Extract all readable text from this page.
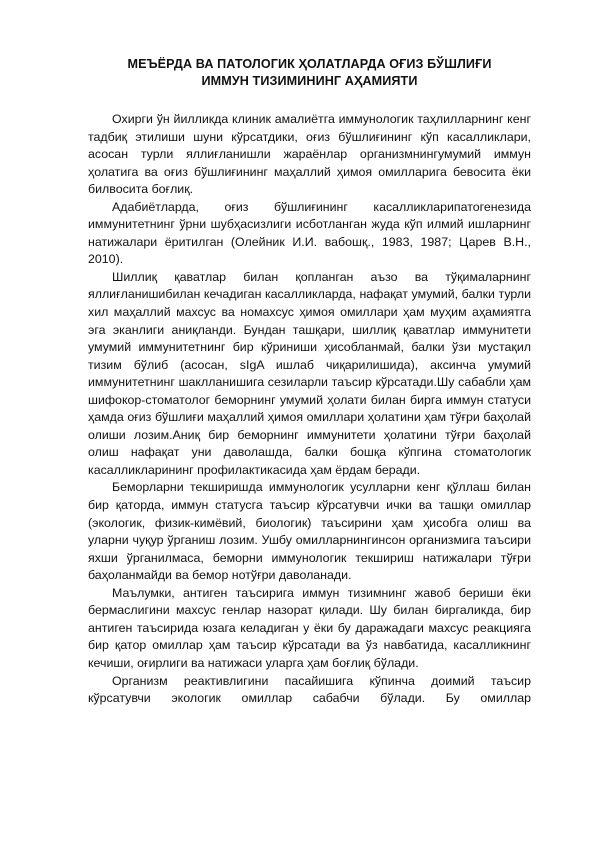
МЕЪЁРДА ВА ПАТОЛОГИК ҲОЛАТЛАРДА ОҒИЗ БЎШЛИҒИ
ИММУН ТИЗИМИНИНГ АҲАМИЯТИ

Охирги ўн йилликда клиник амалиётга иммунологик таҳлилларнинг кенг тадбиқ этилиши шуни кўрсатдики, оғиз бўшлиғининг кўп касалликлари, асосан турли яллиғланишли жараёнлар организмнингумумий иммун ҳолатига ва оғиз бўшлиғининг маҳаллий ҳимоя омилларига бевосита ёки билвосита боғлиқ.

Адабиётларда, оғиз бўшлиғининг касалликларипатогенезида иммунитетнинг ўрни шубҳасизлиги исботланган жуда кўп илмий ишларнинг натижалари ёритилган (Олейник И.И. вабошқ., 1983, 1987; Царев В.Н., 2010).

Шиллиқ қаватлар билан қопланган аъзо ва тўқималарнинг яллиғланишибилан кечадиган касалликларда, нафақат умумий, балки турли хил маҳаллий махсус ва номахсус ҳимоя омиллари ҳам муҳим аҳамиятга эга эканлиги аниқланди. Бундан ташқари, шиллиқ қаватлар иммунитети умумий иммунитетнинг бир кўриниши ҳисобланмай, балки ўзи мустақил тизим бўлиб (асосан, sIgA ишлаб чиқарилишида), аксинча умумий иммунитетнинг шаклланишига сезиларли таъсир кўрсатади.Шу сабабли ҳам шифокор-стоматолог беморнинг умумий ҳолати билан бирга иммун статуси ҳамда оғиз бўшлиғи маҳаллий ҳимоя омиллари ҳолатини ҳам тўғри баҳолай олиши лозим.Аниқ бир беморнинг иммунитети ҳолатини тўғри баҳолай олиш нафақат уни даволашда, балки бошқа кўпгина стоматологик касалликларининг профилактикасида ҳам ёрдам беради.

Беморларни текширишда иммунологик усулларни кенг қўллаш билан бир қаторда, иммун статусга таъсир кўрсатувчи ички ва ташқи омиллар (экологик, физик-кимёвий, биологик) таъсирини ҳам ҳисобга олиш ва уларни чуқур ўрганиш лозим. Ушбу омилларнингинсон организмига таъсири яхши ўрганилмаса, беморни иммунологик текшириш натижалари тўғри баҳоланмайди ва бемор нотўғри даволанади.

Маълумки, антиген таъсирига иммун тизимнинг жавоб бериши ёки бермаслигини махсус генлар назорат қилади. Шу билан биргаликда, бир антиген таъсирида юзага келадиган у ёки бу даражадаги махсус реакцияга бир қатор омиллар ҳам таъсир кўрсатади ва ўз навбатида, касалликнинг кечиши, оғирлиги ва натижаси уларга ҳам боғлиқ бўлади.

Организм реактивлигини пасайишига кўпинча доимий таъсир кўрсатувчи экологик омиллар сабабчи бўлади. Бу омиллар
